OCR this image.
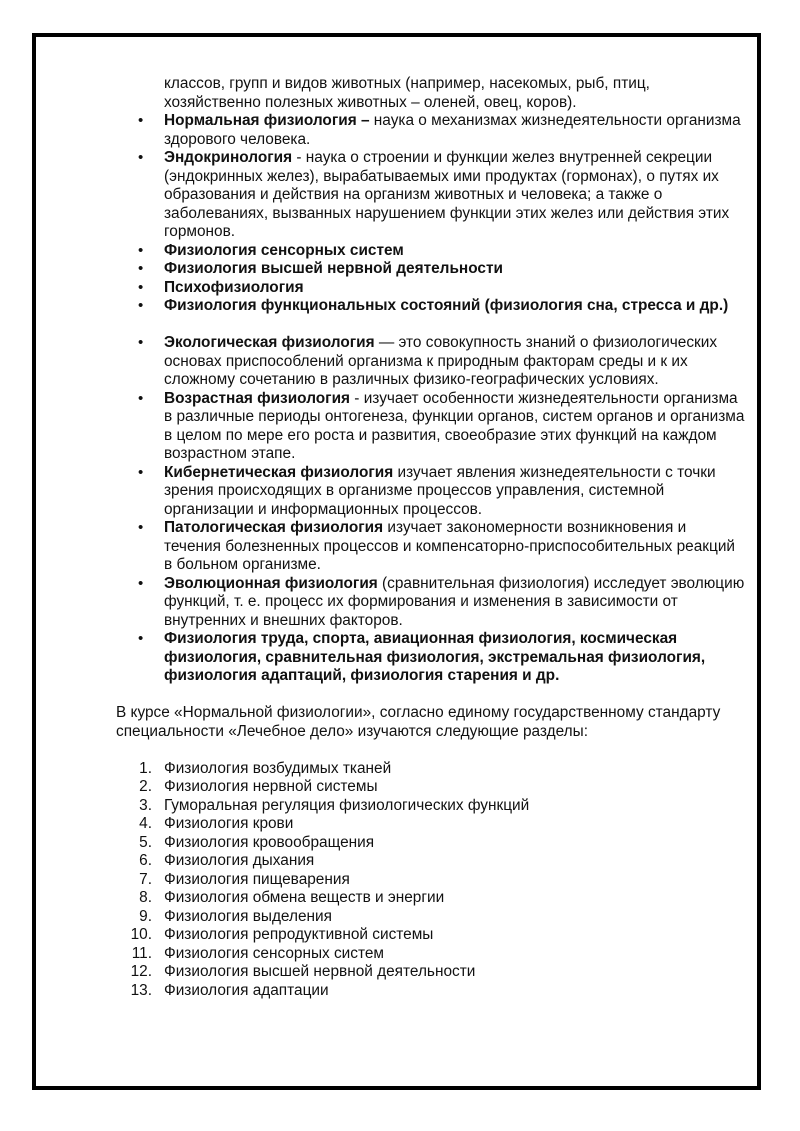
классов, групп и видов животных (например, насекомых, рыб, птиц, хозяйственно полезных животных – оленей, овец, коров).

• Нормальная физиология – наука о механизмах жизнедеятельности организма здорового человека.
• Эндокринология - наука о строении и функции желез внутренней секреции (эндокринных желез), вырабатываемых ими продуктах (гормонах), о путях их образования и действия на организм животных и человека; а также о заболеваниях, вызванных нарушением функции этих желез или действия этих гормонов.
• Физиология сенсорных систем
• Физиология высшей нервной деятельности
• Психофизиология
• Физиология функциональных состояний (физиология сна, стресса и др.)
• Экологическая физиология — это совокупность знаний о физиологических основах приспособлений организма к природным факторам среды и к их сложному сочетанию в различных физико-географических условиях.
• Возрастная физиология - изучает особенности жизнедеятельности организма в различные периоды онтогенеза, функции органов, систем органов и организма в целом по мере его роста и развития, своеобразие этих функций на каждом возрастном этапе.
• Кибернетическая физиология изучает явления жизнедеятельности с точки зрения происходящих в организме процессов управления, системной организации и информационных процессов.
• Патологическая физиология изучает закономерности возникновения и течения болезненных процессов и компенсаторно-приспособительных реакций в больном организме.
• Эволюционная физиология (сравнительная физиология) исследует эволюцию функций, т. е. процесс их формирования и изменения в зависимости от внутренних и внешних факторов.
• Физиология труда, спорта, авиационная физиология, космическая физиология, сравнительная физиология, экстремальная физиология, физиология адаптаций, физиология старения и др.

В курсе «Нормальной физиологии», согласно единому государственному стандарту специальности «Лечебное дело» изучаются следующие разделы:

1. Физиология возбудимых тканей
2. Физиология нервной системы
3. Гуморальная регуляция физиологических функций
4. Физиология крови
5. Физиология кровообращения
6. Физиология дыхания
7. Физиология пищеварения
8. Физиология обмена веществ и энергии
9. Физиология выделения
10. Физиология репродуктивной системы
11. Физиология сенсорных систем
12. Физиология высшей нервной деятельности
13. Физиология адаптации
